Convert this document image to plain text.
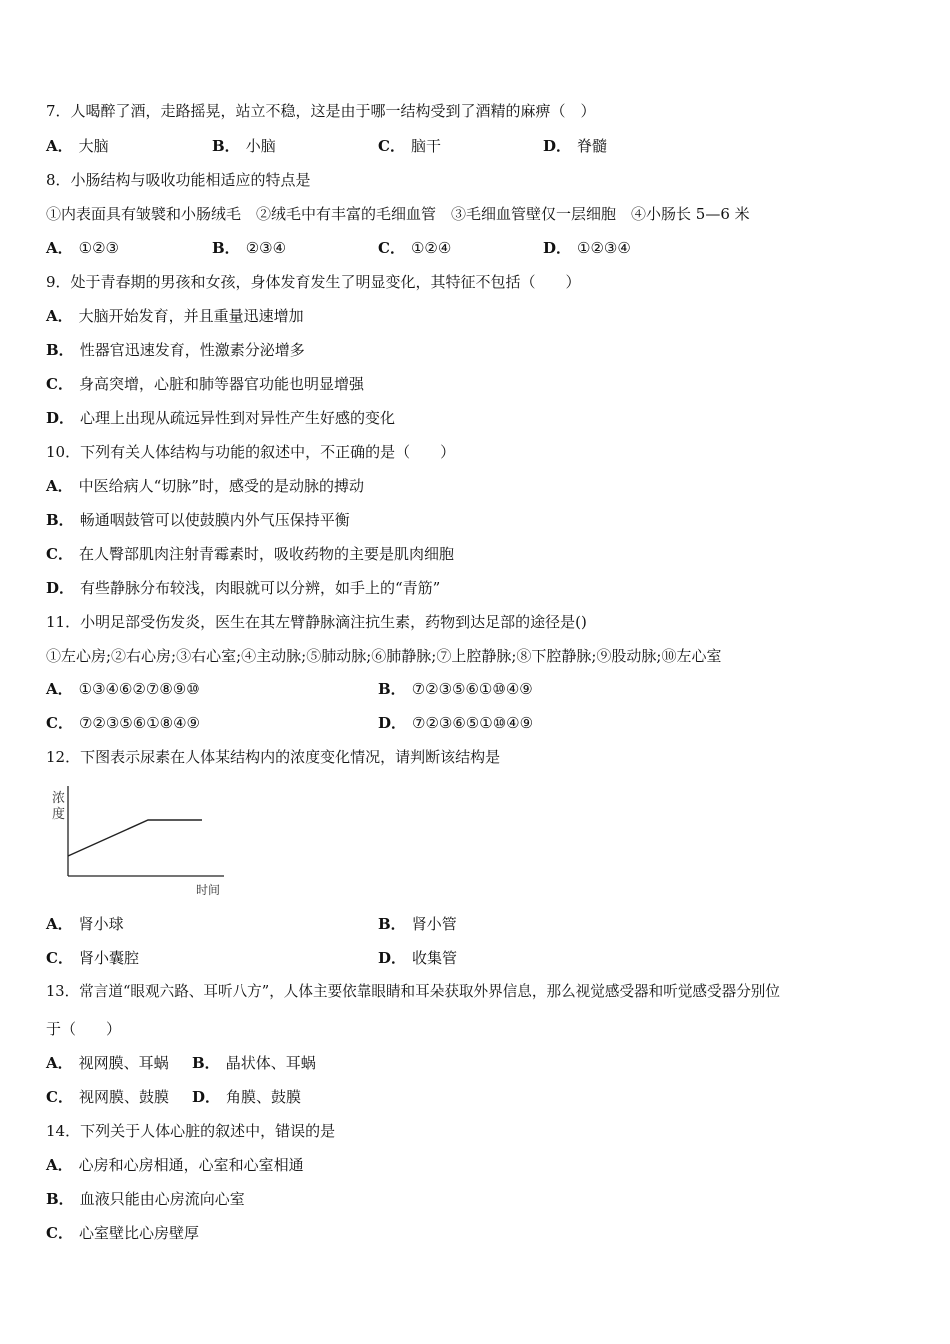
7．人喝醉了酒，走路摇晃，站立不稳，这是由于哪一结构受到了酒精的麻痹（　）
A． 大脑	B． 小脑	C． 脑干	D． 脊髓
8．小肠结构与吸收功能相适应的特点是
①内表面具有皱襞和小肠绒毛　②绒毛中有丰富的毛细血管　③毛细血管壁仅一层细胞　④小肠长 5—6 米
A． ①②③	B． ②③④	C． ①②④	D． ①②③④
9．处于青春期的男孩和女孩，身体发育发生了明显变化，其特征不包括（　　）
A． 大脑开始发育，并且重量迅速增加
B． 性器官迅速发育，性激素分泌增多
C． 身高突增，心脏和肺等器官功能也明显增强
D． 心理上出现从疏远异性到对异性产生好感的变化
10．下列有关人体结构与功能的叙述中，不正确的是（　　）
A． 中医给病人“切脉”时，感受的是动脉的搏动
B． 畅通咽鼓管可以使鼓膜内外气压保持平衡
C． 在人臀部肌肉注射青霉素时，吸收药物的主要是肌肉细胞
D． 有些静脉分布较浅，肉眼就可以分辨，如手上的“青筋”
11．小明足部受伤发炎，医生在其左臂静脉滴注抗生素，药物到达足部的途径是()
①左心房;②右心房;③右心室;④主动脉;⑤肺动脉;⑥肺静脉;⑦上腔静脉;⑧下腔静脉;⑨股动脉;⑩左心室
A． ①③④⑥②⑦⑧⑨⑩	B． ⑦②③⑤⑥①⑩④⑨
C． ⑦②③⑤⑥①⑧④⑨	D． ⑦②③⑥⑤①⑩④⑨
12．下图表示尿素在人体某结构内的浓度变化情况，请判断该结构是
浓
度
时间
A． 肾小球	B． 肾小管
C． 肾小囊腔	D． 收集管
13．常言道“眼观六路、耳听八方”，人体主要依靠眼睛和耳朵获取外界信息，那么视觉感受器和听觉感受器分别位
于（　　）
A． 视网膜、耳蜗 B． 晶状体、耳蜗
C． 视网膜、鼓膜 D． 角膜、鼓膜
14．下列关于人体心脏的叙述中，错误的是
A． 心房和心房相通，心室和心室相通
B． 血液只能由心房流向心室
C． 心室壁比心房壁厚
